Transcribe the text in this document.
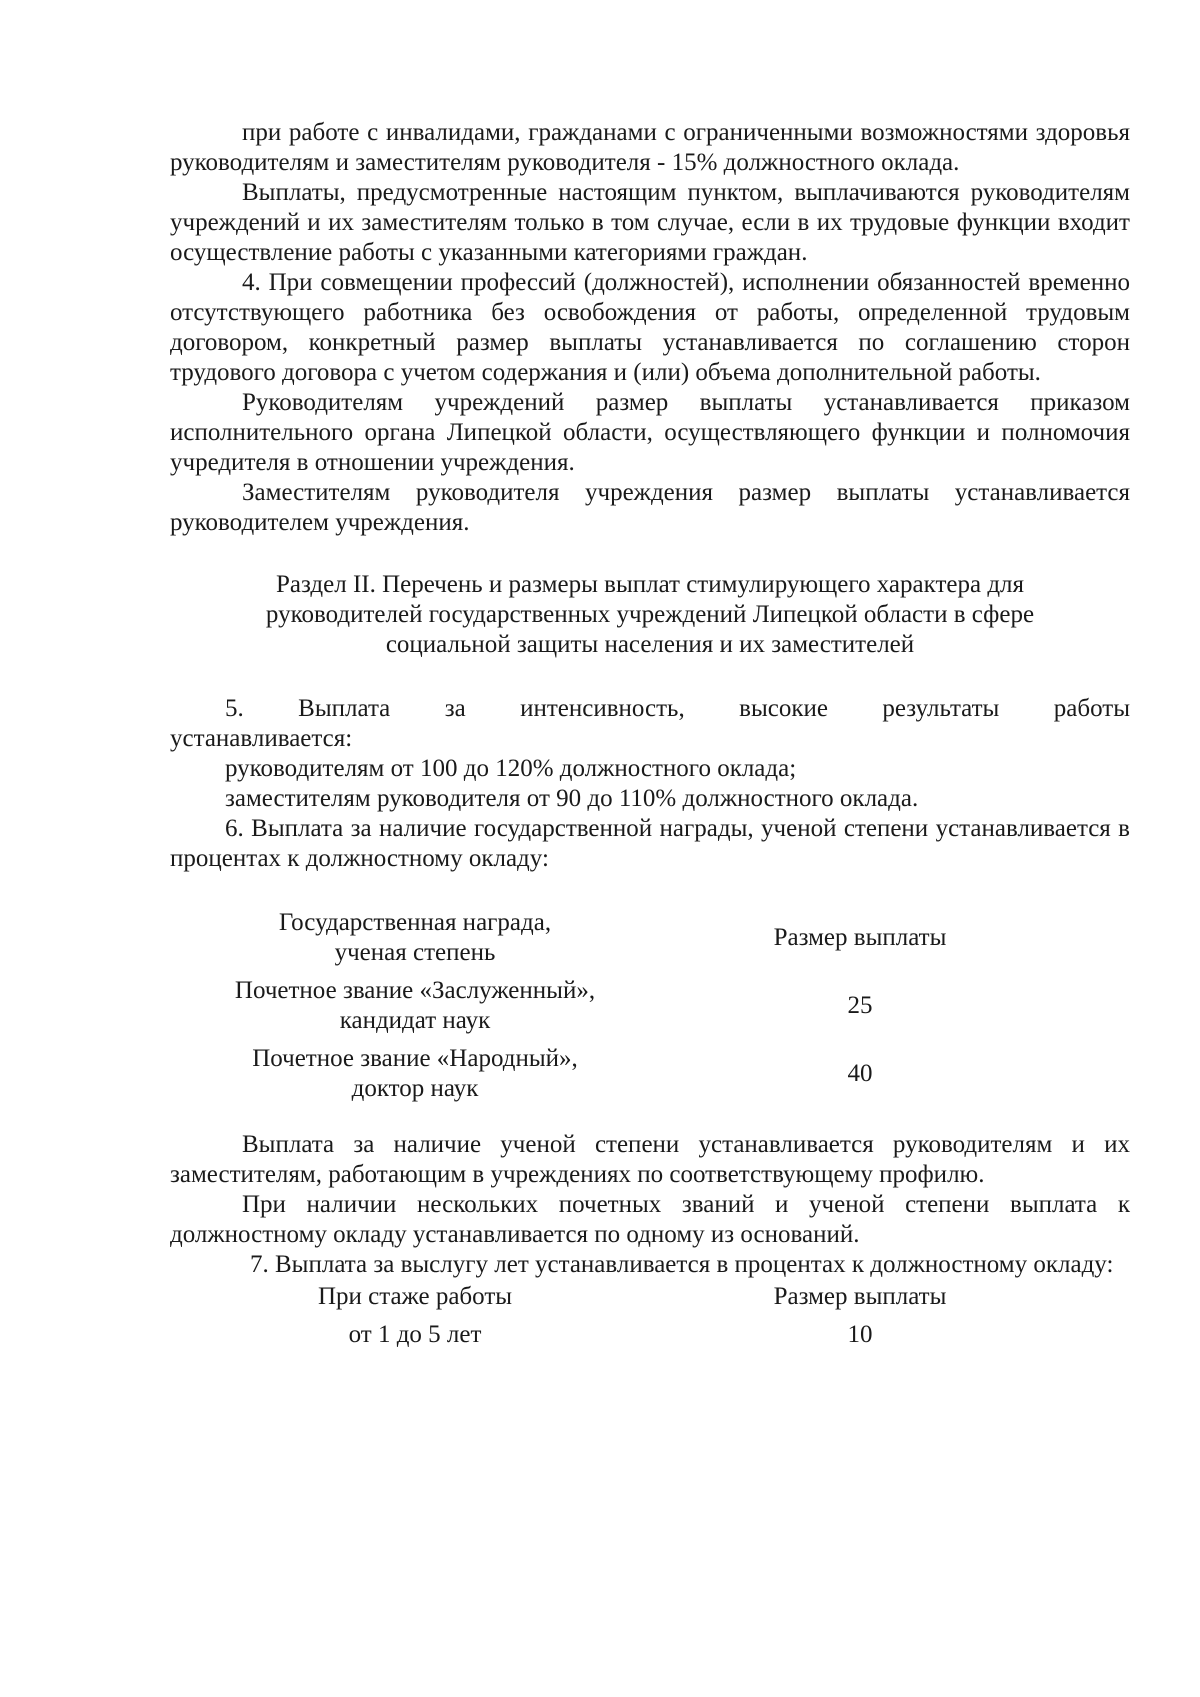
при работе с инвалидами, гражданами с ограниченными возможностями здоровья руководителям и заместителям руководителя - 15% должностного оклада.

Выплаты, предусмотренные настоящим пунктом, выплачиваются руководителям учреждений и их заместителям только в том случае, если в их трудовые функции входит осуществление работы с указанными категориями граждан.

4. При совмещении профессий (должностей), исполнении обязанностей временно отсутствующего работника без освобождения от работы, определенной трудовым договором, конкретный размер выплаты устанавливается по соглашению сторон трудового договора с учетом содержания и (или) объема дополнительной работы.

Руководителям учреждений размер выплаты устанавливается приказом исполнительного органа Липецкой области, осуществляющего функции и полномочия учредителя в отношении учреждения.

Заместителям руководителя учреждения размер выплаты устанавливается руководителем учреждения.

Раздел II. Перечень и размеры выплат стимулирующего характера для

руководителей государственных учреждений Липецкой области в сфере

социальной защиты населения и их заместителей

5. Выплата за интенсивность, высокие результаты работы

устанавливается:

руководителям от 100 до 120% должностного оклада;

заместителям руководителя от 90 до 110% должностного оклада.

6. Выплата за наличие государственной награды, ученой степени устанавливается в процентах к должностному окладу:

Государственная награда,
ученая степень	Размер выплаты

Почетное звание «Заслуженный»,
кандидат наук	25

Почетное звание «Народный»,
доктор наук	40

Выплата за наличие ученой степени устанавливается руководителям и их заместителям, работающим в учреждениях по соответствующему профилю.

При наличии нескольких почетных званий и ученой степени выплата к должностному окладу устанавливается по одному из оснований.

7. Выплата за выслугу лет устанавливается в процентах к должностному окладу:

При стаже работы	Размер выплаты

от 1 до 5 лет	10
